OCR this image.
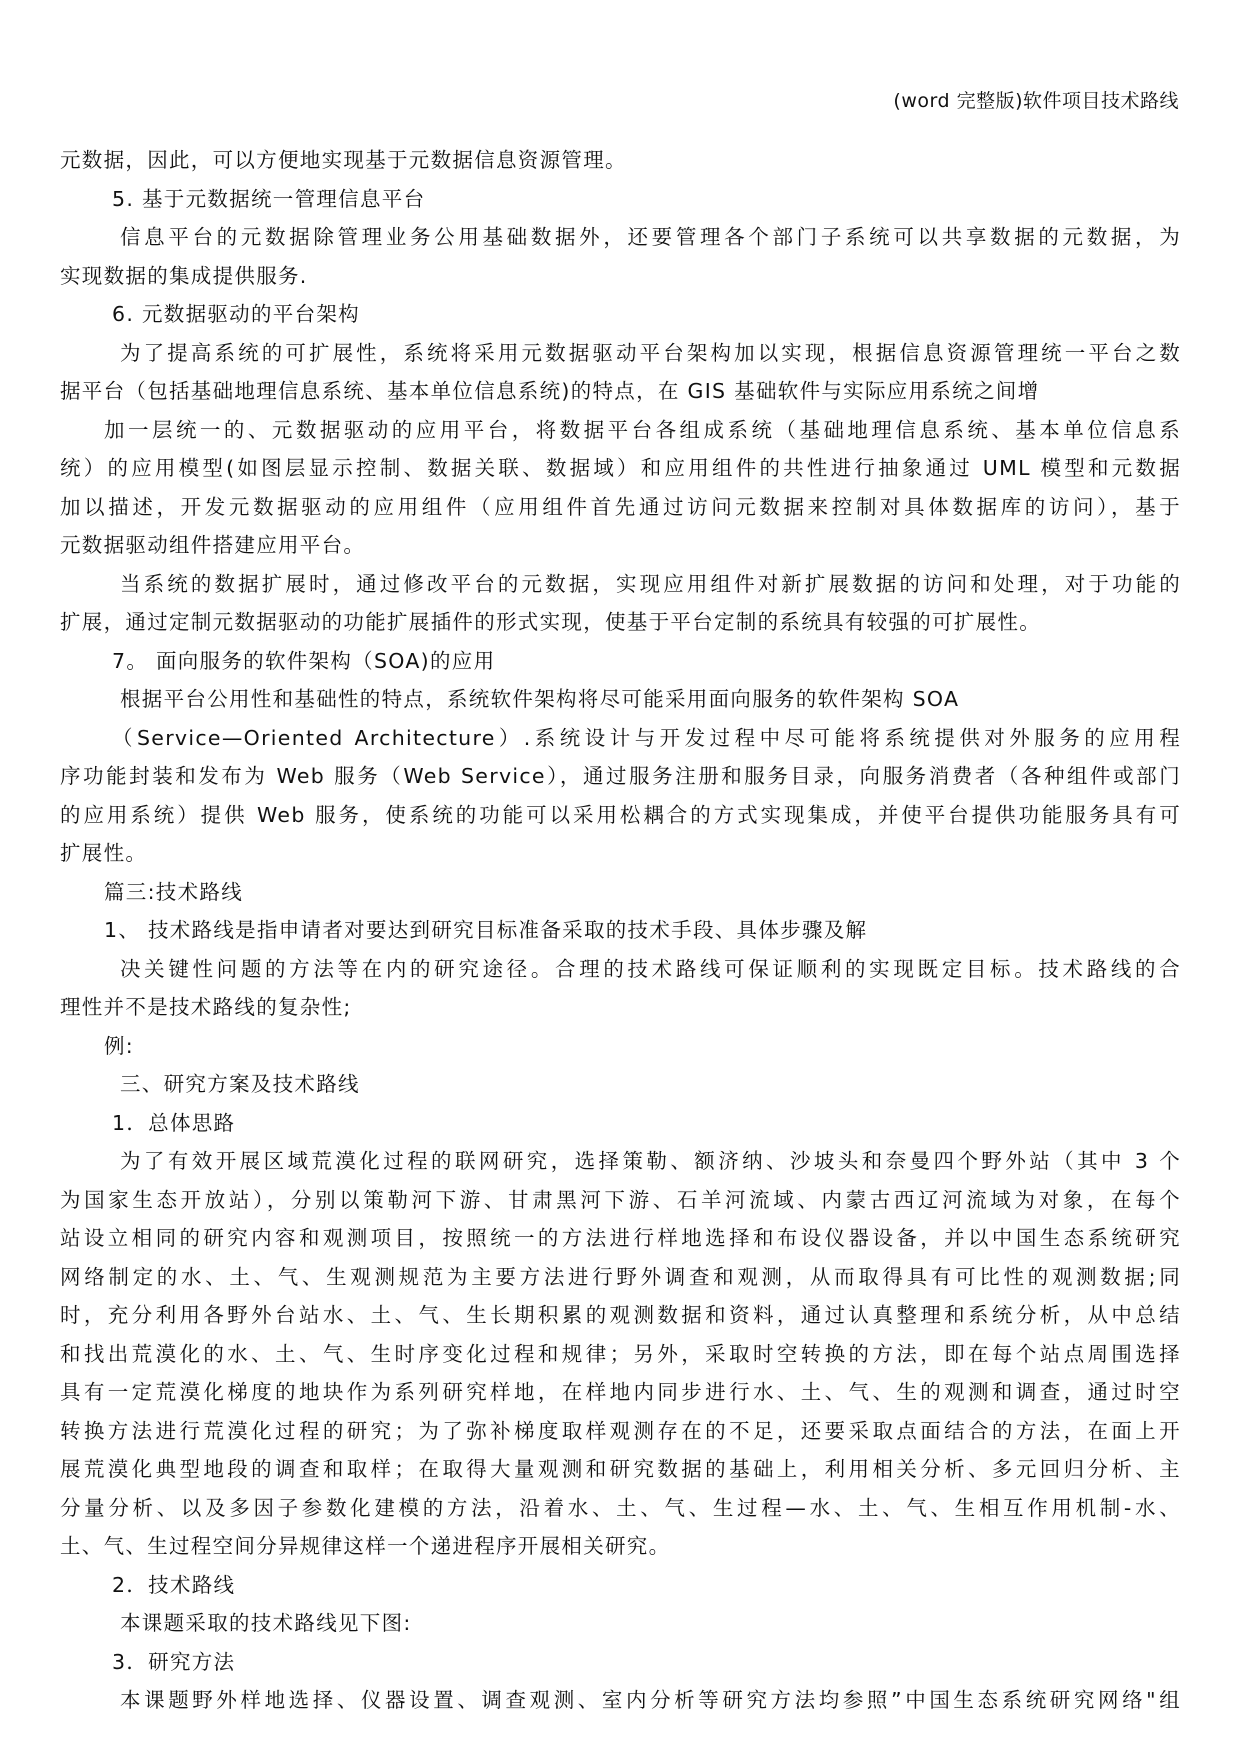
(word 完整版)软件项目技术路线
元数据，因此，可以方便地实现基于元数据信息资源管理。
5. 基于元数据统一管理信息平台
信息平台的元数据除管理业务公用基础数据外，还要管理各个部门子系统可以共享数据的元数据，为
实现数据的集成提供服务.
6. 元数据驱动的平台架构
为了提高系统的可扩展性，系统将采用元数据驱动平台架构加以实现，根据信息资源管理统一平台之数
据平台（包括基础地理信息系统、基本单位信息系统)的特点，在 GIS 基础软件与实际应用系统之间增
加一层统一的、元数据驱动的应用平台，将数据平台各组成系统（基础地理信息系统、基本单位信息系
统）的应用模型(如图层显示控制、数据关联、数据域）和应用组件的共性进行抽象通过 UML 模型和元数据
加以描述，开发元数据驱动的应用组件（应用组件首先通过访问元数据来控制对具体数据库的访问），基于
元数据驱动组件搭建应用平台。
当系统的数据扩展时，通过修改平台的元数据，实现应用组件对新扩展数据的访问和处理，对于功能的
扩展，通过定制元数据驱动的功能扩展插件的形式实现，使基于平台定制的系统具有较强的可扩展性。
7。 面向服务的软件架构（SOA)的应用
根据平台公用性和基础性的特点，系统软件架构将尽可能采用面向服务的软件架构 SOA
（Service—Oriented Architecture）.系统设计与开发过程中尽可能将系统提供对外服务的应用程
序功能封装和发布为 Web 服务（Web Service），通过服务注册和服务目录，向服务消费者（各种组件或部门
的应用系统）提供 Web 服务，使系统的功能可以采用松耦合的方式实现集成，并使平台提供功能服务具有可
扩展性。
篇三:技术路线
1、 技术路线是指申请者对要达到研究目标准备采取的技术手段、具体步骤及解
决关键性问题的方法等在内的研究途径。合理的技术路线可保证顺利的实现既定目标。技术路线的合
理性并不是技术路线的复杂性;
例:
三、研究方案及技术路线
1．总体思路
为了有效开展区域荒漠化过程的联网研究，选择策勒、额济纳、沙坡头和奈曼四个野外站（其中 3 个
为国家生态开放站），分别以策勒河下游、甘肃黑河下游、石羊河流域、内蒙古西辽河流域为对象，在每个
站设立相同的研究内容和观测项目，按照统一的方法进行样地选择和布设仪器设备，并以中国生态系统研究
网络制定的水、土、气、生观测规范为主要方法进行野外调查和观测，从而取得具有可比性的观测数据;同
时，充分利用各野外台站水、土、气、生长期积累的观测数据和资料，通过认真整理和系统分析，从中总结
和找出荒漠化的水、土、气、生时序变化过程和规律；另外，采取时空转换的方法，即在每个站点周围选择
具有一定荒漠化梯度的地块作为系列研究样地，在样地内同步进行水、土、气、生的观测和调查，通过时空
转换方法进行荒漠化过程的研究；为了弥补梯度取样观测存在的不足，还要采取点面结合的方法，在面上开
展荒漠化典型地段的调查和取样；在取得大量观测和研究数据的基础上，利用相关分析、多元回归分析、主
分量分析、以及多因子参数化建模的方法，沿着水、土、气、生过程—水、土、气、生相互作用机制-水、
土、气、生过程空间分异规律这样一个递进程序开展相关研究。
2．技术路线
本课题采取的技术路线见下图:
3．研究方法
本课题野外样地选择、仪器设置、调查观测、室内分析等研究方法均参照”中国生态系统研究网络"组
